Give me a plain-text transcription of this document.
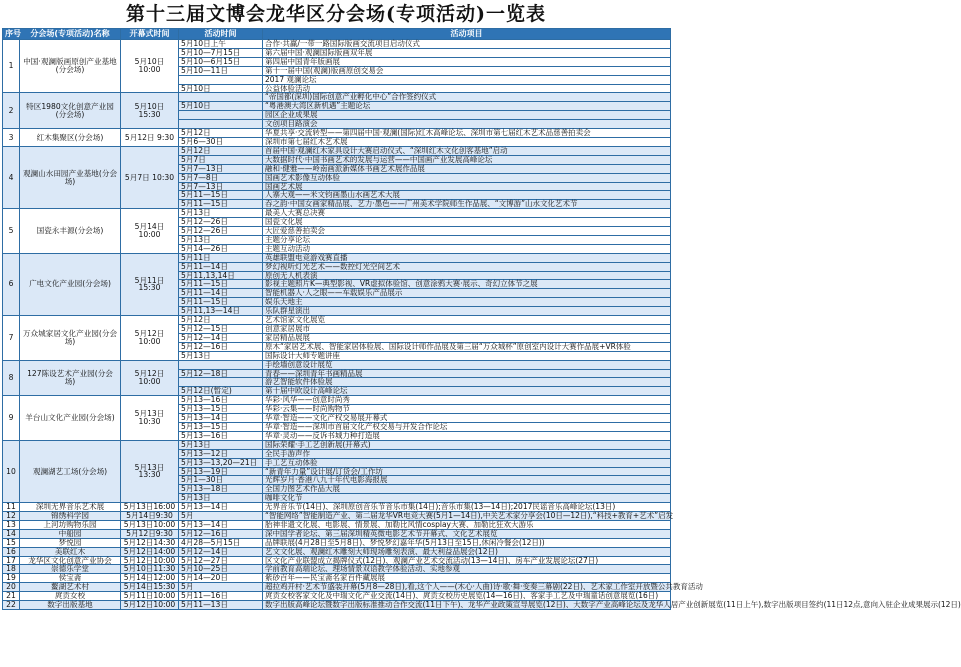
第十三届文博会龙华区分会场(专项活动)一览表
序号	分会场(专项活动)名称	开幕式时间	活动时间	活动项目
1	中国·观澜版画原创产业基地(分会场)	5月10日 10:00	5月10日上午	合作·共赢/一带一路国际版画交流项目启动仪式
			5月10—7月15日	第六届中国·观澜国际版画双年展
			5月10—6月15日	第四届中国青年版画展
			5月10—11日	第十一届中国(观澜)版画原创交易会
				2017 观澜论坛
			5月10日	公益体验活动
2	特区1980文化创意产业园(分会场)	5月10日 15:30		“帝国都(深圳)国际创意产业孵化中心”合作签约仪式
			5月10日	“粤港澳大湾区新机遇”主题论坛
				园区企业成果展
				文创项目路演会
3	红木集聚区(分会场)	5月12日 9:30	5月12日	华夏共享·交流转型——第四届中国·观澜(国际)红木高峰论坛、深圳市第七届红木艺术品慈善拍卖会
			5月6—30日	深圳市第七届红木艺术展
4	观澜山水田园产业基地(分会场)	5月7日 10:30	5月12日	首届中国·观澜红木家具设计大赛启动仪式、“深圳红木文化创客基地”启动
			5月7日	大数据时代·中国书画艺术的发展与运营——中国画产业发展高峰论坛
			5月7—13日	融和·健雅——岭南画派新媒体书画艺术展作品展
			5月7—8日	国画艺术影像互动体验
			5月7—13日	国画艺术展
			5月11—15日	人寨大观——米文钧画墨山水画艺术大展
			5月11—15日	吞之韵·中国女画家精品展、艺力·墨色——广州美术学院师生作品展、“文博游”山水文化艺术节
5	国瓷永丰源(分会场)	5月14日 10:00	5月13日	最美人大赛总决赛
			5月12—26日	国瓷文化展
			5月12—26日	大匠爱慈善拍卖会
			5月13日	主题分享论坛
			5月14—26日	主题互动活动
6	广电文化产业园(分会场)	5月11日 15:30	5月11日	英雄联盟电竞游戏赛直播
			5月11—14日	梦幻视听灯光艺术——数控灯光空间艺术
			5月11,13,14日	原创无人机表演
			5月11—15日	影视主题照片K—典型影视、VR虚拟体验馆、创意涂鸦大赛·展示、奇幻立体节之展
			5月11—14日	智能机器人·人之眼——车载娱乐产品展示
			5月11—15日	娱乐天地主
			5月11,13—14日	乐队群星演出
7	万众城家居文化产业园(分会场)	5月12日 10:00	5月12日	艺术馆家文化展览
			5月12—15日	创意家居展市
			5月12—14日	家居精品展展
			5月12—16日	原木“家居艺术展、智能家居体验展、国际设计师作品展及第三届“万众城杯”原创室内设计大赛作品展+VR体验
			5月13日	国际设计大师专题讲座
8	127陈设艺术产业园(分会场)	5月12日 10:00		手绘墙创意设计展览
			5月12—18日	青春——深圳青年书画精品展
				游艺智能软件体验展
			5月12日(暂定)	第十届中欧设计高峰论坛
9	羊台山文化产业园(分会场)	5月13日 10:30	5月13—16日	华彩·风华——创意时尚秀
			5月13—15日	华彩·云集——时尚购物节
			5月13—14日	华章·智造——文化产权交易展开幕式
			5月13—15日	华章·智造——深圳市首届文化产权交易与开发合作论坛
			5月13—16日	华章·灵动——反诉书城力种打造展
10	观澜湖艺工场(分会场)	5月13日 13:30	5月13日	国际荣耀·手工艺创新展(开幕式)
			5月13—12日	全民手游声作
			5月13—13,20—21日	手工艺互动体验
			5月13—19日	“新青年力量”设计展/订货会/工作坊
			5月1—30日	光辉岁月·香港八九十年代电影海报展
			5月13—18日	全国力图艺术作品大展
			5月13日	咖啡文化节
11	深圳无界音乐艺术展	5月13日16:00	5月13—14日	无界音乐节(14日)、深圳原创音乐节音乐市集(14日);音乐市集(13—14日);2017民谣音乐高峰论坛(13日)
12	锦绣科学园	5月14日9:30	5月	“智能网络”智能制造产业、第二届龙华VR电竞大赛(5月1—14日),中关艺术家分享会(10日—12日),“科技+教育+艺术”启发
13	上河坊购物乐园	5月13日10:00	5月13—14日	胎神非遗文化展、电影展、情景展、加勒比风情cosplay大赛、加勒比狂欢大游乐
14	中船园	5月12日9:30	5月12—16日	深中国学者论坛、第三届深圳精英微电影艺术节开幕式、文化艺术展览
15	梦悦园	5月12日14:30	4月28—5月15日	品牌联展(4月28日至5月8日)、梦悦梦幻嘉年华(5月13日至15日,休闲冷餐会(12日))
16	美联红木	5月12日14:00	5月12—14日	艺文文化展、观澜红木雕刻大师现场雕刻表演、最大利益品展会(12日)
17	龙华区文化创意产业协会	5月12日10:00	5月12—27日	区文化产业联盟成立揭牌仪式(12日)、观澜产业艺术交流活动(13—14日)、房车产业发展论坛(27日)
18	崇德乐学堂	5月10日11:30	5月10—25日	学前教育高端论坛、理场情景双语教学体验活动、实地参观
19	侯宝斋	5月14日12:00	5月14—20日	紫砂百年——民宝斋名家百件藏展展
20	鳌湖艺术村	5月14日15:30	5月	超拉鸡开村·艺术节盛装开幕(5月8—28日),看,这个人——(木心·人曲)诗·歌·舞·变奏三幕剧(22日)、艺术家工作室开放暨公共教育活动
21	庹贡女校	5月11日10:00	5月11—16日	庹贡女校客家文化及中瑞文化产业交流(14日)、庹贡女校历史展览(14—16日)、客家手工艺及中瑞童话创意展览(16日)
22	数字出版基地	5月12日10:00	5月11—13日	数字出版高峰论坛暨数字出版标准推动合作交流(11日下午)、龙华产业政策宣导展览(12日)、大数字产业高峰论坛及龙华人居产业创新展览(11日上午),数字出版项目签约(11日12点,意向入驻企业成果展示(12日)
